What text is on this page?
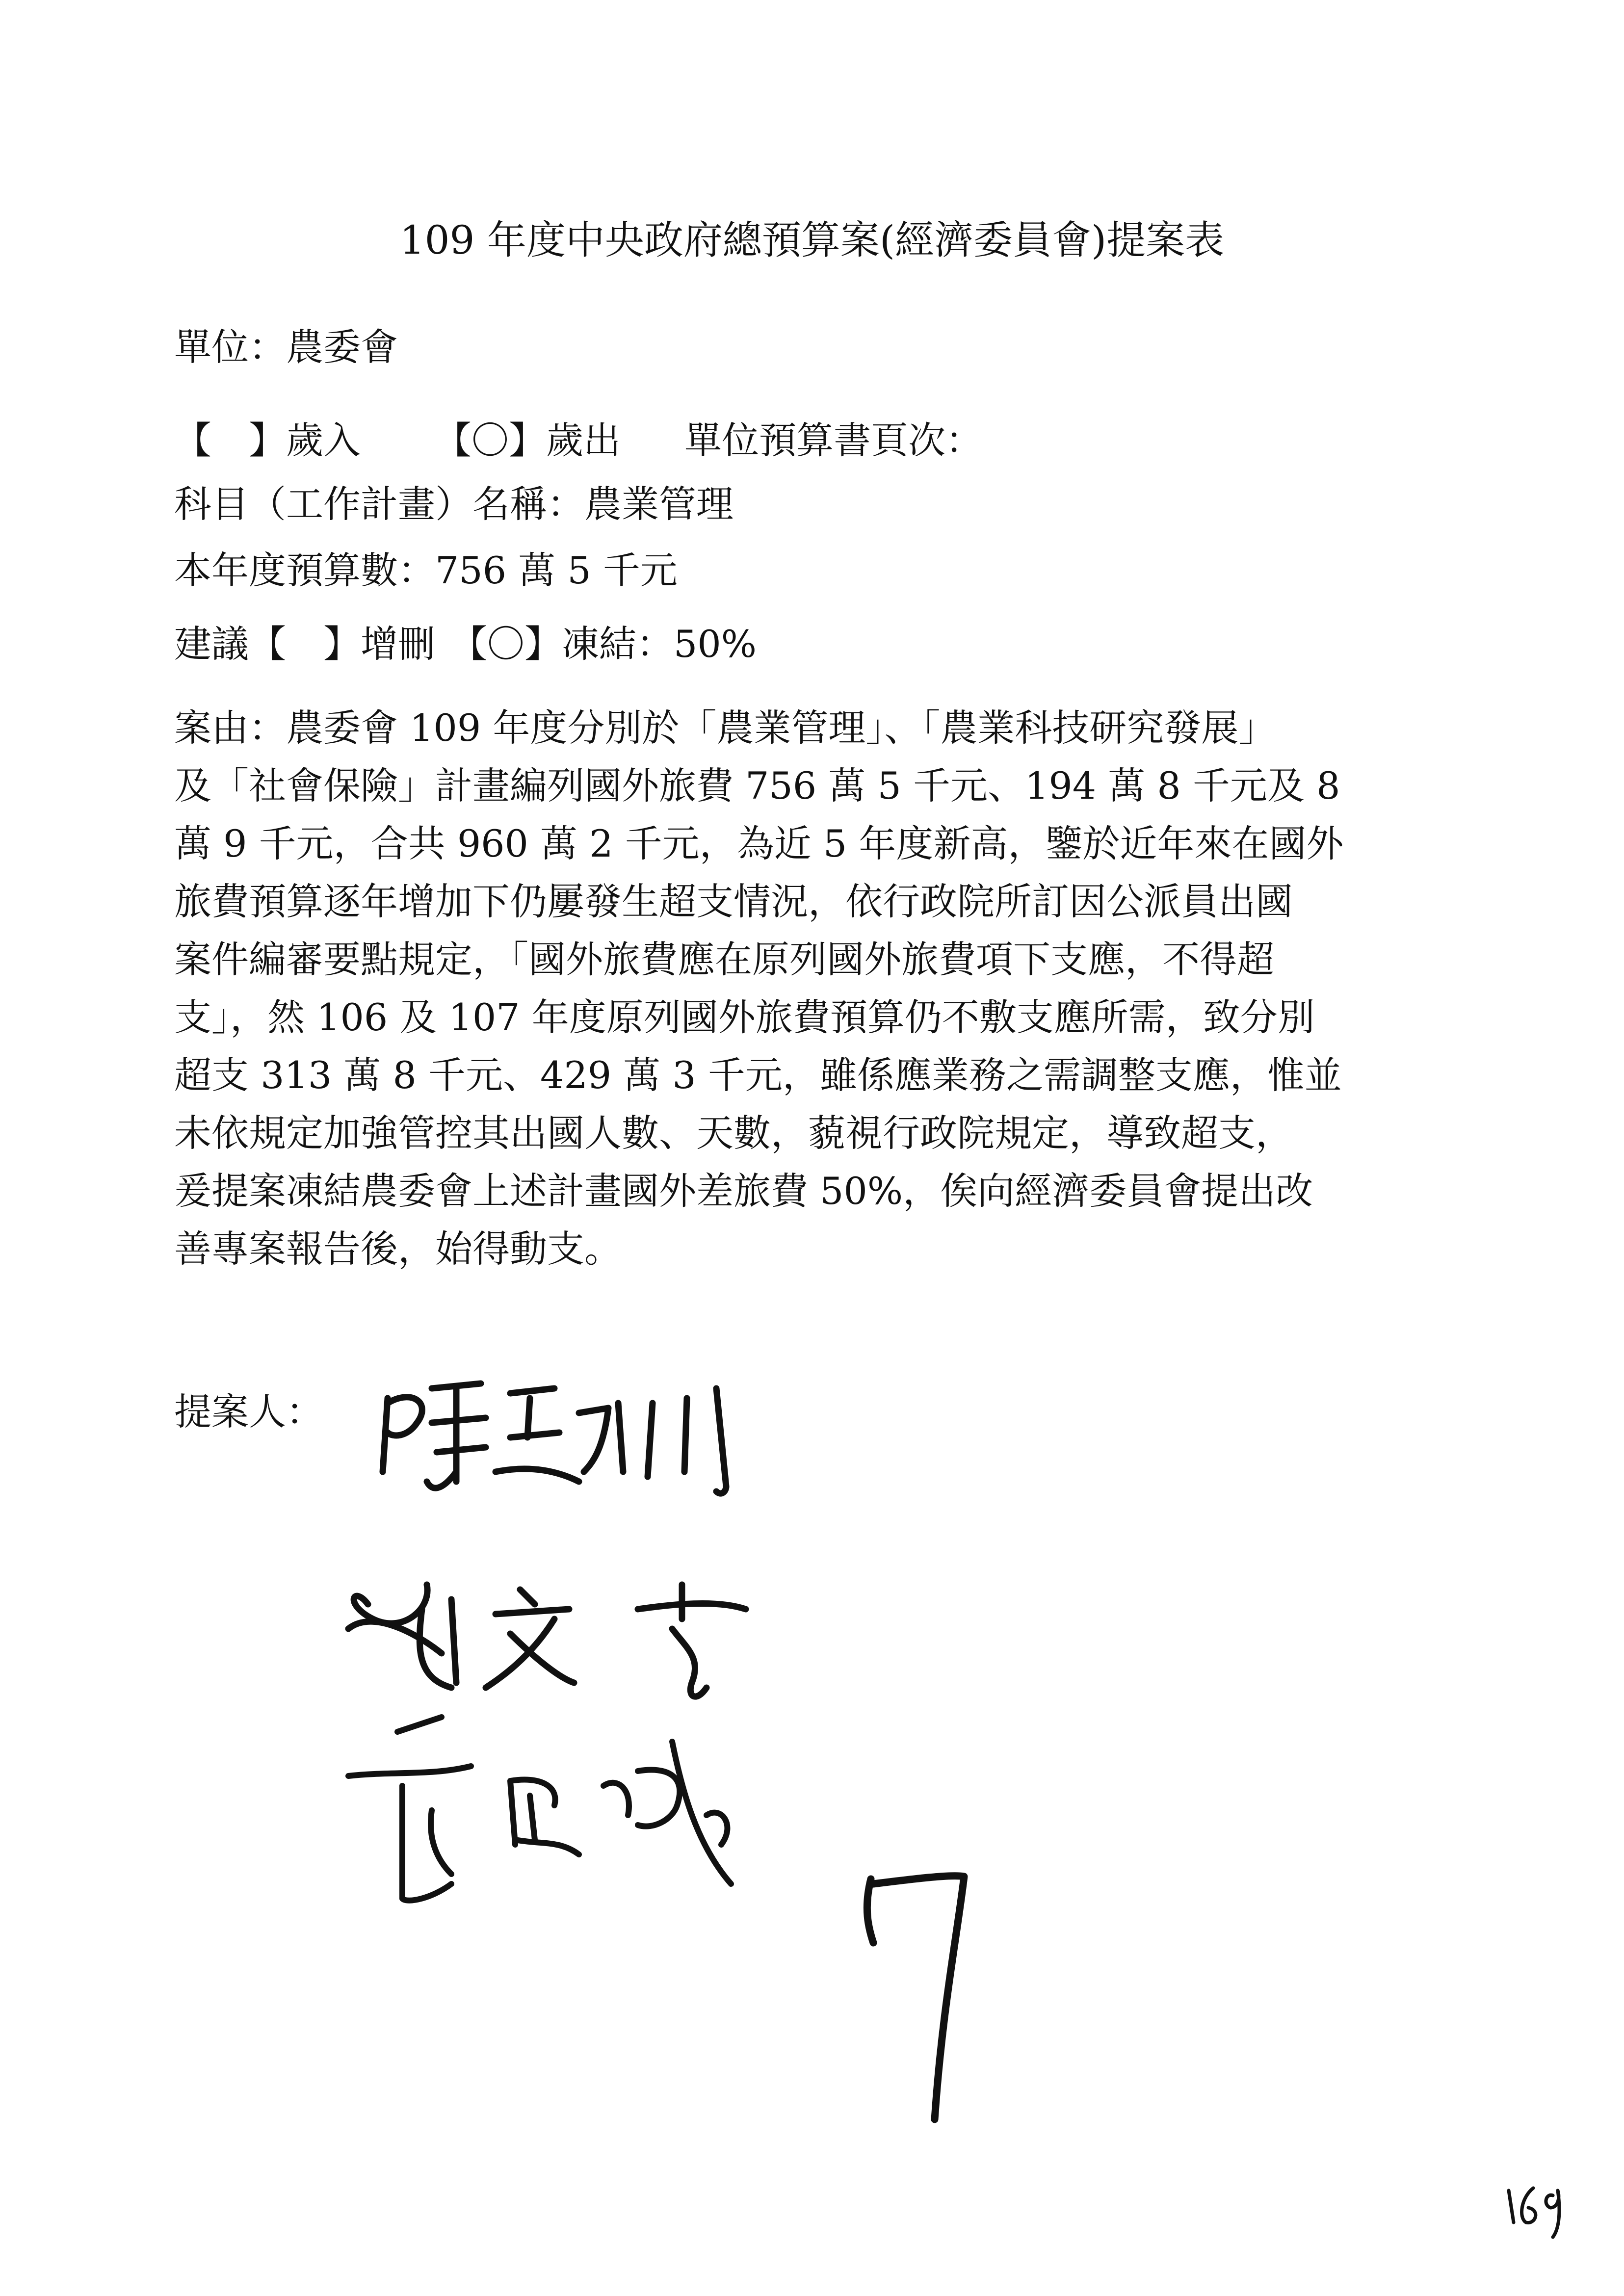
109 年度中央政府總預算案(經濟委員會)提案表
單位：農委會
【　】歲入 【〇】歲出 單位預算書頁次：
科目（工作計畫）名稱：農業管理
本年度預算數：756 萬 5 千元
建議【　】增刪 【〇】凍結：50%
案由：農委會 109 年度分別於「農業管理」、「農業科技研究發展」
及「社會保險」計畫編列國外旅費 756 萬 5 千元、194 萬 8 千元及 8
萬 9 千元，合共 960 萬 2 千元，為近 5 年度新高，鑒於近年來在國外
旅費預算逐年增加下仍屢發生超支情況，依行政院所訂因公派員出國
案件編審要點規定，「國外旅費應在原列國外旅費項下支應，不得超
支」，然 106 及 107 年度原列國外旅費預算仍不敷支應所需，致分別
超支 313 萬 8 千元、429 萬 3 千元，雖係應業務之需調整支應，惟並
未依規定加強管控其出國人數、天數，藐視行政院規定，導致超支，
爰提案凍結農委會上述計畫國外差旅費 50%，俟向經濟委員會提出改
善專案報告後，始得動支。
提案人：
